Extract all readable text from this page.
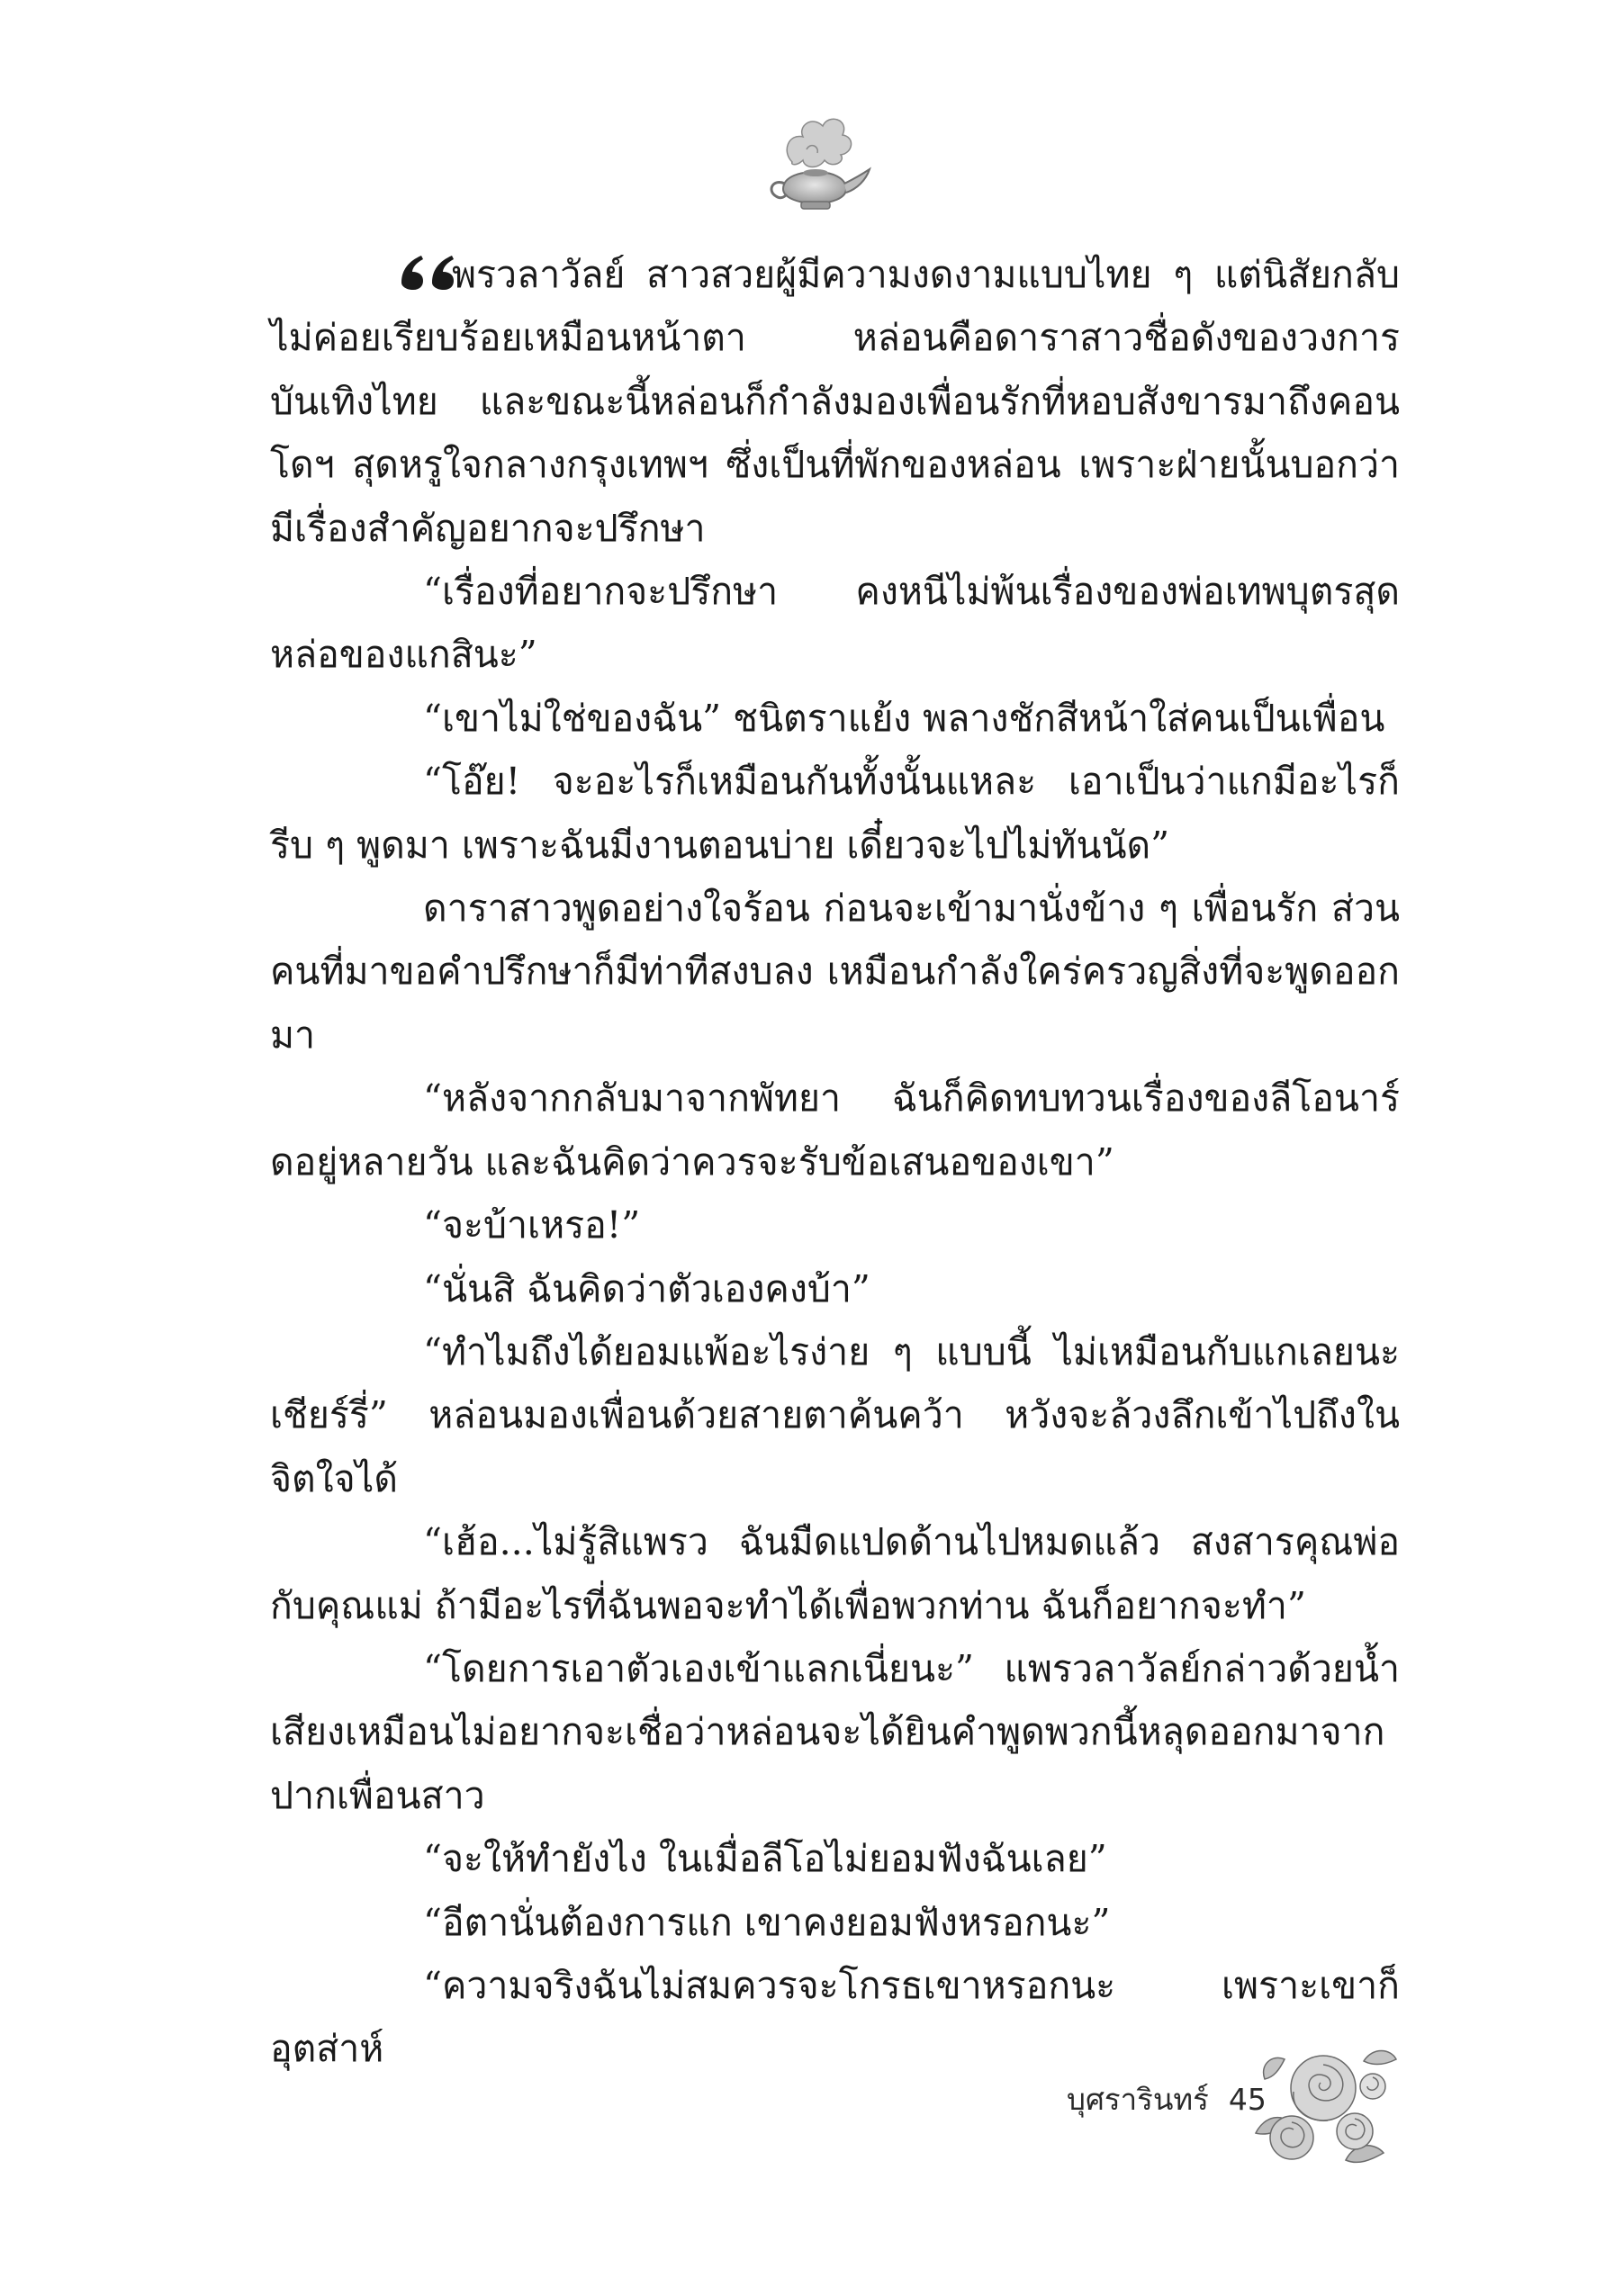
พรวลาวัลย์ สาวสวยผู้มีความงดงามแบบไทย ๆ แต่นิสัยกลับไม่ค่อยเรียบร้อยเหมือนหน้าตา หล่อนคือดาราสาวชื่อดังของวงการบันเทิงไทย และขณะนี้หล่อนก็กำลังมองเพื่อนรักที่หอบสังขารมาถึงคอนโดฯ สุดหรูใจกลางกรุงเทพฯ ซึ่งเป็นที่พักของหล่อน เพราะฝ่ายนั้นบอกว่ามีเรื่องสำคัญอยากจะปรึกษา

“เรื่องที่อยากจะปรึกษา คงหนีไม่พ้นเรื่องของพ่อเทพบุตรสุดหล่อของแกสินะ”

“เขาไม่ใช่ของฉัน” ชนิตราแย้ง พลางชักสีหน้าใส่คนเป็นเพื่อน

“โอ๊ย! จะอะไรก็เหมือนกันทั้งนั้นแหละ เอาเป็นว่าแกมีอะไรก็รีบ ๆ พูดมา เพราะฉันมีงานตอนบ่าย เดี๋ยวจะไปไม่ทันนัด”

ดาราสาวพูดอย่างใจร้อน ก่อนจะเข้ามานั่งข้าง ๆ เพื่อนรัก ส่วนคนที่มาขอคำปรึกษาก็มีท่าทีสงบลง เหมือนกำลังใคร่ครวญสิ่งที่จะพูดออกมา

“หลังจากกลับมาจากพัทยา ฉันก็คิดทบทวนเรื่องของลีโอนาร์ดอยู่หลายวัน และฉันคิดว่าควรจะรับข้อเสนอของเขา”

“จะบ้าเหรอ!”

“นั่นสิ ฉันคิดว่าตัวเองคงบ้า”

“ทำไมถึงได้ยอมแพ้อะไรง่าย ๆ แบบนี้ ไม่เหมือนกับแกเลยนะเชียร์รี่” หล่อนมองเพื่อนด้วยสายตาค้นคว้า หวังจะล้วงลึกเข้าไปถึงในจิตใจได้

“เฮ้อ...ไม่รู้สิแพรว ฉันมืดแปดด้านไปหมดแล้ว สงสารคุณพ่อกับคุณแม่ ถ้ามีอะไรที่ฉันพอจะทำได้เพื่อพวกท่าน ฉันก็อยากจะทำ”

“โดยการเอาตัวเองเข้าแลกเนี่ยนะ” แพรวลาวัลย์กล่าวด้วยน้ำเสียงเหมือนไม่อยากจะเชื่อว่าหล่อนจะได้ยินคำพูดพวกนี้หลุดออกมาจากปากเพื่อนสาว

“จะให้ทำยังไง ในเมื่อลีโอไม่ยอมฟังฉันเลย”

“อีตานั่นต้องการแก เขาคงยอมฟังหรอกนะ”

“ความจริงฉันไม่สมควรจะโกรธเขาหรอกนะ เพราะเขาก็อุตส่าห์

บุศรารินทร์ 45
